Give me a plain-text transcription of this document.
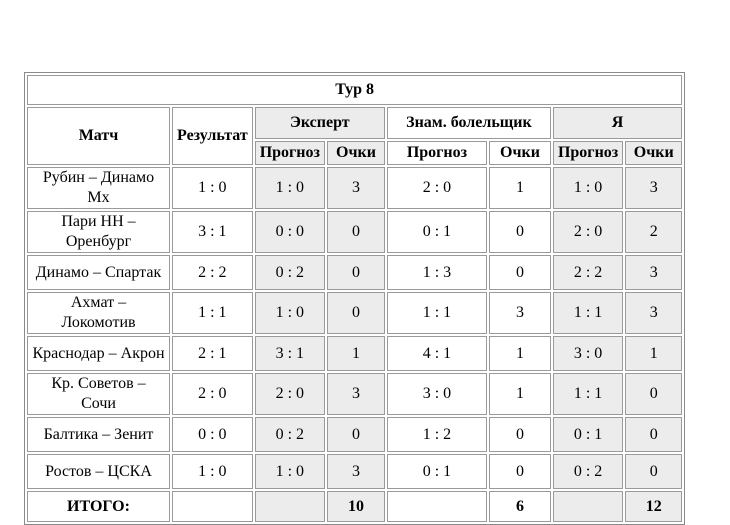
Тур 8							
Матч	Результат	Эксперт		Знам. болельщик		Я	
		Прогноз	Очки	Прогноз	Очки	Прогноз	Очки
Рубин – Динамо Мх	1 : 0	1 : 0	3	2 : 0	1	1 : 0	3
Пари НН – Оренбург	3 : 1	0 : 0	0	0 : 1	0	2 : 0	2
Динамо – Спартак	2 : 2	0 : 2	0	1 : 3	0	2 : 2	3
Ахмат – Локомотив	1 : 1	1 : 0	0	1 : 1	3	1 : 1	3
Краснодар – Акрон	2 : 1	3 : 1	1	4 : 1	1	3 : 0	1
Кр. Советов – Сочи	2 : 0	2 : 0	3	3 : 0	1	1 : 1	0
Балтика – Зенит	0 : 0	0 : 2	0	1 : 2	0	0 : 1	0
Ростов – ЦСКА	1 : 0	1 : 0	3	0 : 1	0	0 : 2	0
ИТОГО:			10		6		12
